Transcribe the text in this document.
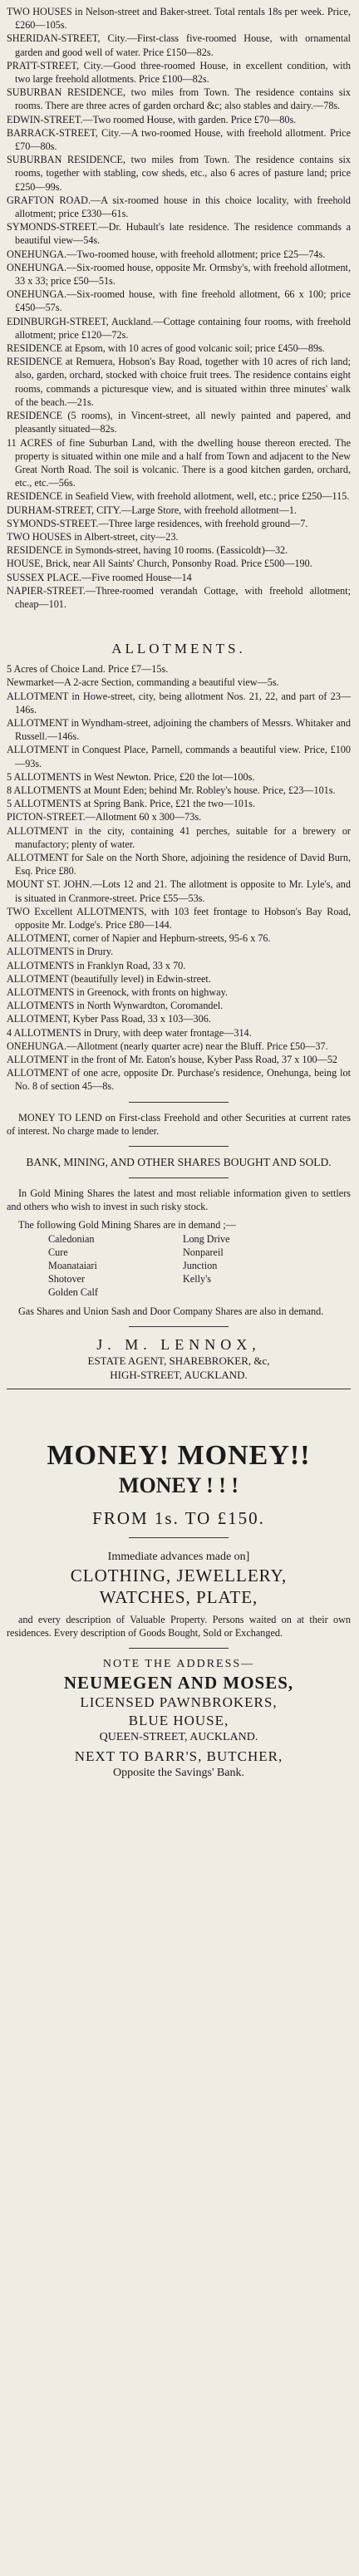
TWO HOUSES in Nelson-street and Baker-street. Total rentals 18s per week. Price, £260—105s.

SHERIDAN-STREET, City.—First-class five-roomed House, with ornamental garden and good well of water. Price £150—82s.

PRATT-STREET, City.—Good three-roomed House, in excellent condition, with two large freehold allotments. Price £100—82s.

SUBURBAN RESIDENCE, two miles from Town. The residence contains six rooms. There are three acres of garden orchard &c; also stables and dairy.—78s.

EDWIN-STREET.—Two roomed House, with garden. Price £70—80s.

BARRACK-STREET, City.—A two-roomed House, with freehold allotment. Price £70—80s.

SUBURBAN RESIDENCE, two miles from Town. The residence contains six rooms, together with stabling, cow sheds, etc., also 6 acres of pasture land; price £250—99s.

GRAFTON ROAD.—A six-roomed house in this choice locality, with freehold allotment; price £330—61s.

SYMONDS-STREET.—Dr. Hubault's late residence. The residence commands a beautiful view—54s.

ONEHUNGA.—Two-roomed house, with freehold allotment; price £25—74s.

ONEHUNGA.—Six-roomed house, opposite Mr. Ormsby's, with freehold allotment, 33 x 33; price £50—51s.

ONEHUNGA.—Six-roomed house, with fine freehold allotment, 66 x 100; price £450—57s.

EDINBURGH-STREET, Auckland.—Cottage containing four rooms, with freehold allotment; price £120—72s.

RESIDENCE at Epsom, with 10 acres of good volcanic soil; price £450—89s.

RESIDENCE at Remuera, Hobson's Bay Road, together with 10 acres of rich land; also, garden, orchard, stocked with choice fruit trees. The residence contains eight rooms, commands a picturesque view, and is situated within three minutes' walk of the beach.—21s.

RESIDENCE (5 rooms), in Vincent-street, all newly painted and papered, and pleasantly situated—82s.

11 ACRES of fine Suburban Land, with the dwelling house thereon erected. The property is situated within one mile and a half from Town and adjacent to the New Great North Road. The soil is volcanic. There is a good kitchen garden, orchard, etc., etc.—56s.

RESIDENCE in Seafield View, with freehold allotment, well, etc.; price £250—115.

DURHAM-STREET, CITY.—Large Store, with freehold allotment—1.

SYMONDS-STREET.—Three large residences, with freehold ground—7.

TWO HOUSES in Albert-street, city—23.

RESIDENCE in Symonds-street, having 10 rooms. (Eassicoldt)—32.

HOUSE, Brick, near All Saints' Church, Ponsonby Road. Price £500—190.

SUSSEX PLACE.—Five roomed House—14

NAPIER-STREET.—Three-roomed verandah Cottage, with freehold allotment; cheap—101.

ALLOTMENTS.

5 Acres of Choice Land. Price £7—15s.

Newmarket—A 2-acre Section, commanding a beautiful view—5s.

ALLOTMENT in Howe-street, city, being allotment Nos. 21, 22, and part of 23—146s.

ALLOTMENT in Wyndham-street, adjoining the chambers of Messrs. Whitaker and Russell.—146s.

ALLOTMENT in Conquest Place, Parnell, commands a beautiful view. Price, £100—93s.

5 ALLOTMENTS in West Newton. Price, £20 the lot—100s.

8 ALLOTMENTS at Mount Eden; behind Mr. Robley's house. Price, £23—101s.

5 ALLOTMENTS at Spring Bank. Price, £21 the two—101s.

PICTON-STREET.—Allotment 60 x 300—73s.

ALLOTMENT in the city, containing 41 perches, suitable for a brewery or manufactory; plenty of water.

ALLOTMENT for Sale on the North Shore, adjoining the residence of David Burn, Esq. Price £80.

MOUNT ST. JOHN.—Lots 12 and 21. The allotment is opposite to Mr. Lyle's, and is situated in Cranmore-street. Price £55—53s.

TWO Excellent ALLOTMENTS, with 103 feet frontage to Hobson's Bay Road, opposite Mr. Lodge's. Price £80—144.

ALLOTMENT, corner of Napier and Hepburn-streets, 95-6 x 76.

ALLOTMENTS in Drury.

ALLOTMENTS in Franklyn Road, 33 x 70.

ALLOTMENT (beautifully level) in Edwin-street.

ALLOTMENTS in Greenock, with fronts on highway.

ALLOTMENTS in North Wynwardton, Coromandel.

ALLOTMENT, Kyber Pass Road, 33 x 103—306.

4 ALLOTMENTS in Drury, with deep water frontage—314.

ONEHUNGA.—Allotment (nearly quarter acre) near the Bluff. Price £50—37.

ALLOTMENT in the front of Mr. Eaton's house, Kyber Pass Road, 37 x 100—52

ALLOTMENT of one acre, opposite Dr. Purchase's residence, Onehunga, being lot No. 8 of section 45—8s.

MONEY TO LEND on First-class Freehold and other Securities at current rates of interest. No charge made to lender.

BANK, MINING, AND OTHER SHARES BOUGHT AND SOLD.

In Gold Mining Shares the latest and most reliable information given to settlers and others who wish to invest in such risky stock.

The following Gold Mining Shares are in demand ;—

Caledonian	Long Drive
Cure	Nonpareil
Moanataiari	Junction
Shotover	Kelly's
Golden Calf

Gas Shares and Union Sash and Door Company Shares are also in demand.

J. M. LENNOX,
ESTATE AGENT, SHAREBROKER, &c,
HIGH-STREET, AUCKLAND.
MONEY! MONEY!!
MONEY ! ! !
FROM 1s. TO £150.
Immediate advances made on]
CLOTHING, JEWELLERY,
WATCHES, PLATE,

and every description of Valuable Property. Persons waited on at their own residences. Every description of Goods Bought, Sold or Exchanged.

NOTE THE ADDRESS—
NEUMEGEN AND MOSES,
LICENSED PAWNBROKERS,
BLUE HOUSE,
QUEEN-STREET, AUCKLAND.
NEXT TO BARR'S, BUTCHER,
Opposite the Savings' Bank.
